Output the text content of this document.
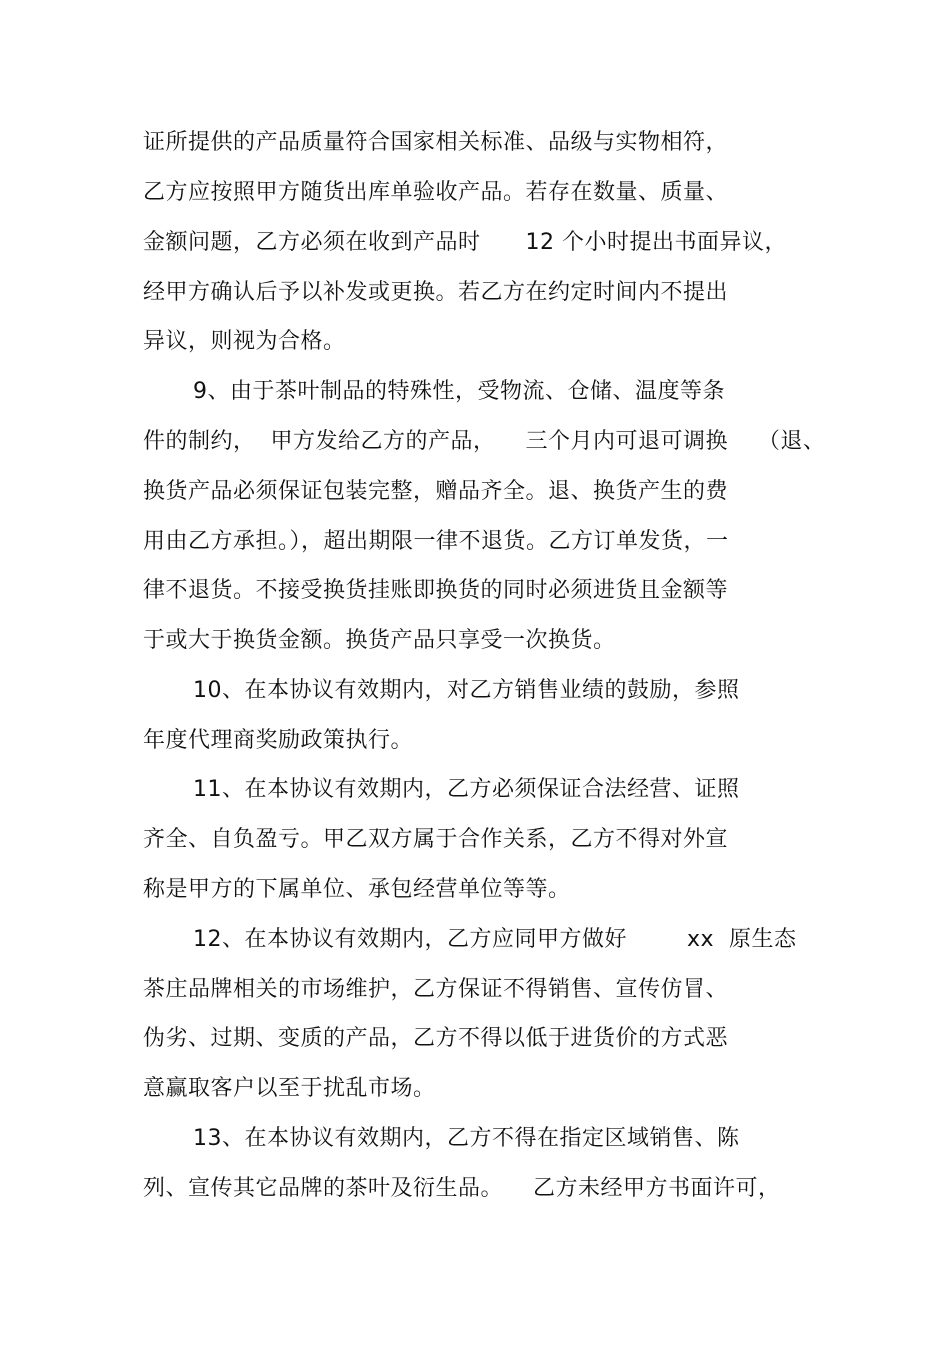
证所提供的产品质量符合国家相关标准、品级与实物相符，
乙方应按照甲方随货出库单验收产品。若存在数量、质量、
金额问题，乙方必须在收到产品时　　12 个小时提出书面异议，
经甲方确认后予以补发或更换。若乙方在约定时间内不提出
异议，则视为合格。
9、由于茶叶制品的特殊性，受物流、仓储、温度等条
件的制约，  甲方发给乙方的产品，    三个月内可退可调换    （退、
换货产品必须保证包装完整，赠品齐全。退、换货产生的费
用由乙方承担。），超出期限一律不退货。乙方订单发货，一
律不退货。不接受换货挂账即换货的同时必须进货且金额等
于或大于换货金额。换货产品只享受一次换货。
10、在本协议有效期内，对乙方销售业绩的鼓励，参照
年度代理商奖励政策执行。
11、在本协议有效期内，乙方必须保证合法经营、证照
齐全、自负盈亏。甲乙双方属于合作关系，乙方不得对外宣
称是甲方的下属单位、承包经营单位等等。
12、在本协议有效期内，乙方应同甲方做好        xx  原生态
茶庄品牌相关的市场维护，乙方保证不得销售、宣传仿冒、
伪劣、过期、变质的产品，乙方不得以低于进货价的方式恶
意赢取客户以至于扰乱市场。
13、在本协议有效期内，乙方不得在指定区域销售、陈
列、宣传其它品牌的茶叶及衍生品。    乙方未经甲方书面许可，
